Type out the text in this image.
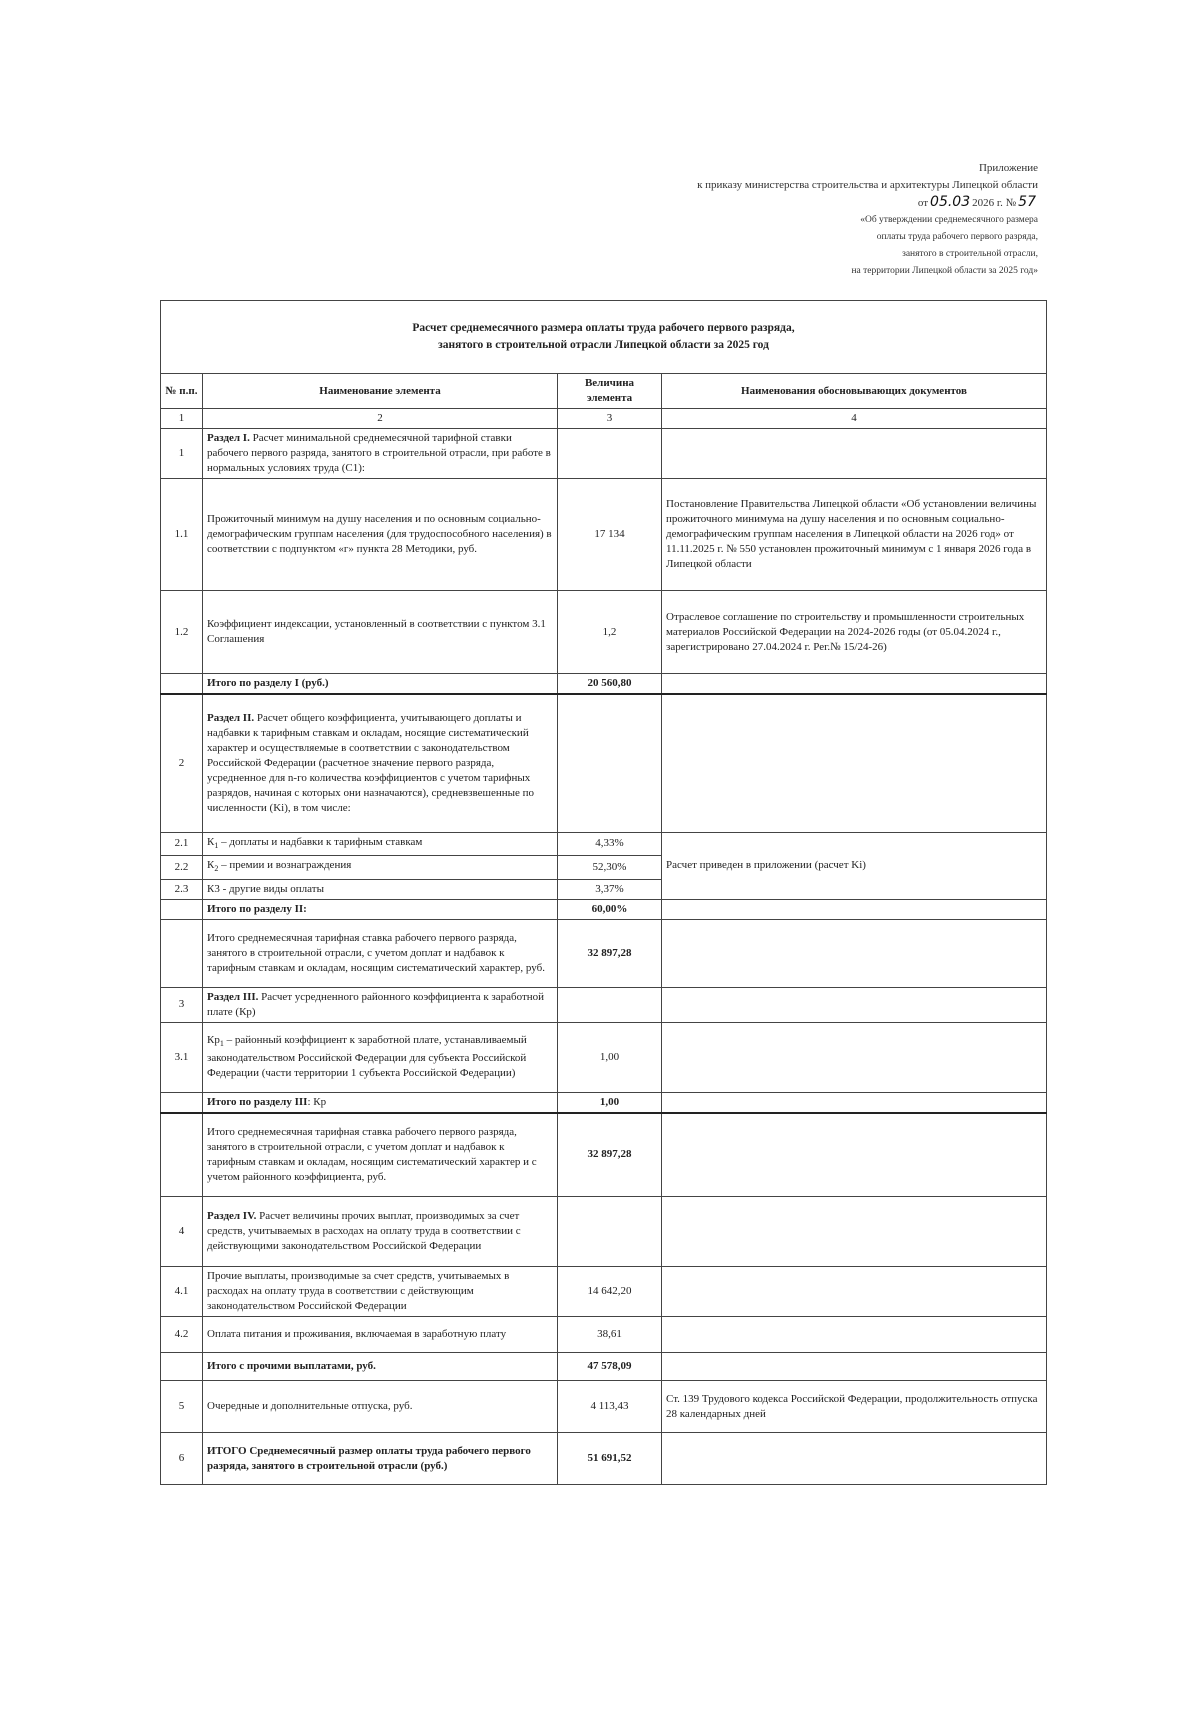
Приложение
к приказу министерства строительства и архитектуры Липецкой области
от 05.03 2026 г. № 57
«Об утверждении среднемесячного размера
оплаты труда рабочего первого разряда,
занятого в строительной отрасли,
на территории Липецкой области за 2025 год»
Расчет среднемесячного размера оплаты труда рабочего первого разряда,
занятого в строительной отрасли Липецкой области за 2025 год			

№ п.п.	Наименование элемента	Величина элемента	Наименования обосновывающих документов
1	2	3	4
1	Раздел I. Расчет минимальной среднемесячной тарифной ставки рабочего первого разряда, занятого в строительной отрасли, при работе в нормальных условиях труда (С1):		
1.1	Прожиточный минимум на душу населения и по основным социально-демографическим группам населения (для трудоспособного населения) в соответствии с подпунктом «г» пункта 28 Методики, руб.	17 134	Постановление Правительства Липецкой области «Об установлении величины прожиточного минимума на душу населения и по основным социально-демографическим группам населения в Липецкой области на 2026 год» от 11.11.2025 г. № 550 установлен прожиточный минимум с 1 января 2026 года в Липецкой области
1.2	Коэффициент индексации, установленный в соответствии с пунктом 3.1 Соглашения	1,2	Отраслевое соглашение по строительству и промышленности строительных материалов Российской Федерации на 2024-2026 годы (от 05.04.2024 г., зарегистрировано 27.04.2024 г. Рег.№ 15/24-26)
	Итого по разделу I (руб.)	20 560,80	
2	Раздел II. Расчет общего коэффициента, учитывающего доплаты и надбавки к тарифным ставкам и окладам, носящие систематический характер и осуществляемые в соответствии с законодательством Российской Федерации (расчетное значение первого разряда, усредненное для n-го количества коэффициентов с учетом тарифных разрядов, начиная с которых они назначаются), средневзвешенные по численности (Ki), в том числе:		
2.1	$К_1$ – доплаты и надбавки к тарифным ставкам	4,33%	Расчет приведен в приложении (расчет Ki)
2.2	$К_2$ – премии и вознаграждения	52,30%	
2.3	К3 - другие виды оплаты	3,37%	
	Итого по разделу II:	60,00%	
	Итого среднемесячная тарифная ставка рабочего первого разряда, занятого в строительной отрасли, с учетом доплат и надбавок к тарифным ставкам и окладам, носящим систематический характер, руб.	32 897,28	
3	Раздел III. Расчет усредненного районного коэффициента к заработной плате (Кр)		
3.1	$Кр_1$ – районный коэффициент к заработной плате, устанавливаемый законодательством Российской Федерации для субъекта Российской Федерации (части территории 1 субъекта Российской Федерации)	1,00	
	Итого по разделу III: Кр	1,00	
	Итого среднемесячная тарифная ставка рабочего первого разряда, занятого в строительной отрасли, с учетом доплат и надбавок к тарифным ставкам и окладам, носящим систематический характер и с учетом районного коэффициента, руб.	32 897,28	
4	Раздел IV. Расчет величины прочих выплат, производимых за счет средств, учитываемых в расходах на оплату труда в соответствии с действующими законодательством Российской Федерации		
4.1	Прочие выплаты, производимые за счет средств, учитываемых в расходах на оплату труда в соответствии с действующим законодательством Российской Федерации	14 642,20	
4.2	Оплата питания и проживания, включаемая в заработную плату	38,61	
	Итого с прочими выплатами, руб.	47 578,09	
5	Очередные и дополнительные отпуска, руб.	4 113,43	Ст. 139 Трудового кодекса Российской Федерации, продолжительность отпуска 28 календарных дней
6	ИТОГО Среднемесячный размер оплаты труда рабочего первого разряда, занятого в строительной отрасли (руб.)	51 691,52	
